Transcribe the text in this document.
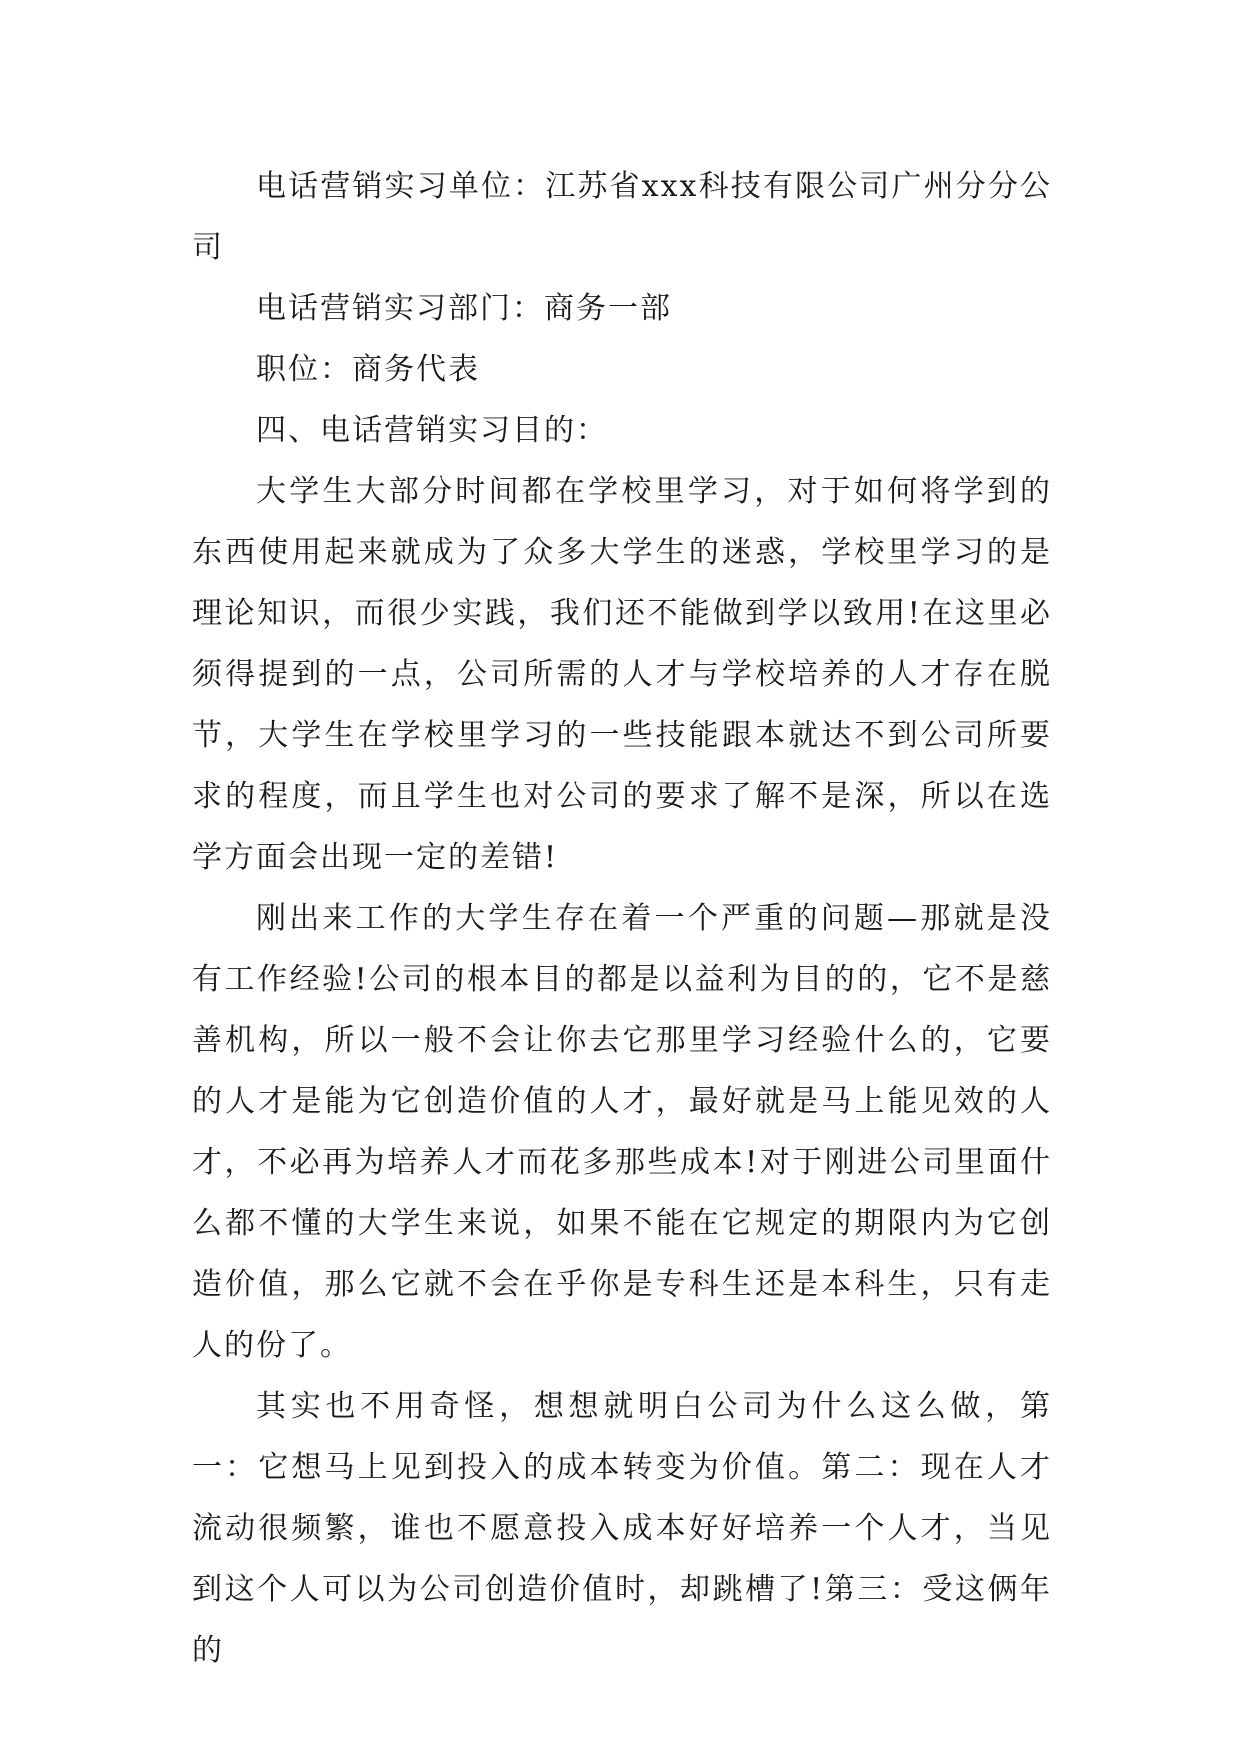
电话营销实习单位：江苏省xxx科技有限公司广州分分公司

电话营销实习部门：商务一部

职位：商务代表

四、电话营销实习目的：

大学生大部分时间都在学校里学习，对于如何将学到的东西使用起来就成为了众多大学生的迷惑，学校里学习的是理论知识，而很少实践，我们还不能做到学以致用!在这里必须得提到的一点，公司所需的人才与学校培养的人才存在脱节，大学生在学校里学习的一些技能跟本就达不到公司所要求的程度，而且学生也对公司的要求了解不是深，所以在选学方面会出现一定的差错!

刚出来工作的大学生存在着一个严重的问题—那就是没有工作经验!公司的根本目的都是以益利为目的的，它不是慈善机构，所以一般不会让你去它那里学习经验什么的，它要的人才是能为它创造价值的人才，最好就是马上能见效的人才，不必再为培养人才而花多那些成本!对于刚进公司里面什么都不懂的大学生来说，如果不能在它规定的期限内为它创造价值，那么它就不会在乎你是专科生还是本科生，只有走人的份了。

其实也不用奇怪，想想就明白公司为什么这么做，第一：它想马上见到投入的成本转变为价值。第二：现在人才流动很频繁，谁也不愿意投入成本好好培养一个人才，当见到这个人可以为公司创造价值时，却跳槽了!第三：受这俩年的
